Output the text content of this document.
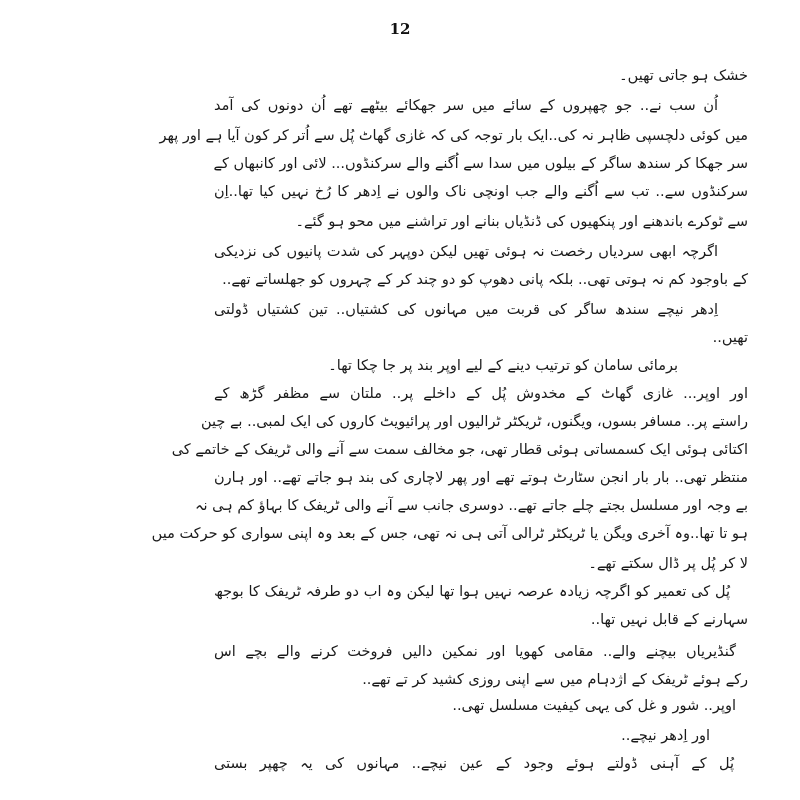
12
خشک ہو جاتی تھیں۔
اُن سب نے.. جو چھپروں کے سائے میں سر جھکائے بیٹھے تھے اُن دونوں کی آمد
میں کوئی دلچسپی ظاہر نہ کی..ایک بار توجہ کی کہ غازی گھاٹ پُل سے اُتر کر کون آیا ہے اور پھر
سر جھکا کر سندھ ساگر کے بیلوں میں سدا سے اُگنے والے سرکنڈوں... لائی اور کانبھاں کے
سرکنڈوں سے.. تب سے اُگنے والے جب اونچی ناک والوں نے اِدھر کا رُخ نہیں کیا تھا..اِن
سے ٹوکرے باندھنے اور پنکھیوں کی ڈنڈیاں بنانے اور تراشنے میں محو ہو گئے۔
اگرچہ ابھی سردیاں رخصت نہ ہوئی تھیں لیکن دوپہر کی شدت پانیوں کی نزدیکی
کے باوجود کم نہ ہوتی تھی.. بلکہ پانی دھوپ کو دو چند کر کے چہروں کو جھلساتے تھے..
اِدھر نیچے سندھ ساگر کی قربت میں مہانوں کی کشتیاں.. تین کشتیاں ڈولتی
تھیں..
برمائی سامان کو ترتیب دینے کے لیے اوپر بند پر جا چکا تھا۔
اور اوپر... غازی گھاٹ کے مخدوش پُل کے داخلے پر.. ملتان سے مظفر گڑھ کے
راستے پر.. مسافر بسوں، ویگنوں، ٹریکٹر ٹرالیوں اور پرائیویٹ کاروں کی ایک لمبی.. بے چین
اکتائی ہوئی ایک کسمساتی ہوئی قطار تھی، جو مخالف سمت سے آنے والی ٹریفک کے خاتمے کی
منتظر تھی.. بار بار انجن سٹارٹ ہوتے تھے اور پھر لاچاری کی بند ہو جاتے تھے.. اور ہارن
بے وجہ اور مسلسل بجتے چلے جاتے تھے.. دوسری جانب سے آنے والی ٹریفک کا بہاؤ کم ہی نہ
ہو تا تھا..وہ آخری ویگن یا ٹریکٹر ٹرالی آتی ہی نہ تھی، جس کے بعد وہ اپنی سواری کو حرکت میں
لا کر پُل پر ڈال سکتے تھے۔
پُل کی تعمیر کو اگرچہ زیادہ عرصہ نہیں ہوا تھا لیکن وہ اب دو طرفہ ٹریفک کا بوجھ
سہارنے کے قابل نہیں تھا..
گنڈیریاں بیچنے والے.. مقامی کھویا اور نمکین دالیں فروخت کرنے والے بچے اس
رکے ہوئے ٹریفک کے اژدہام میں سے اپنی روزی کشید کر تے تھے..
اوپر.. شور و غل کی یہی کیفیت مسلسل تھی..
اور اِدھر نیچے..
پُل کے آہنی ڈولتے ہوئے وجود کے عین نیچے.. مہانوں کی یہ چھپر بستی
